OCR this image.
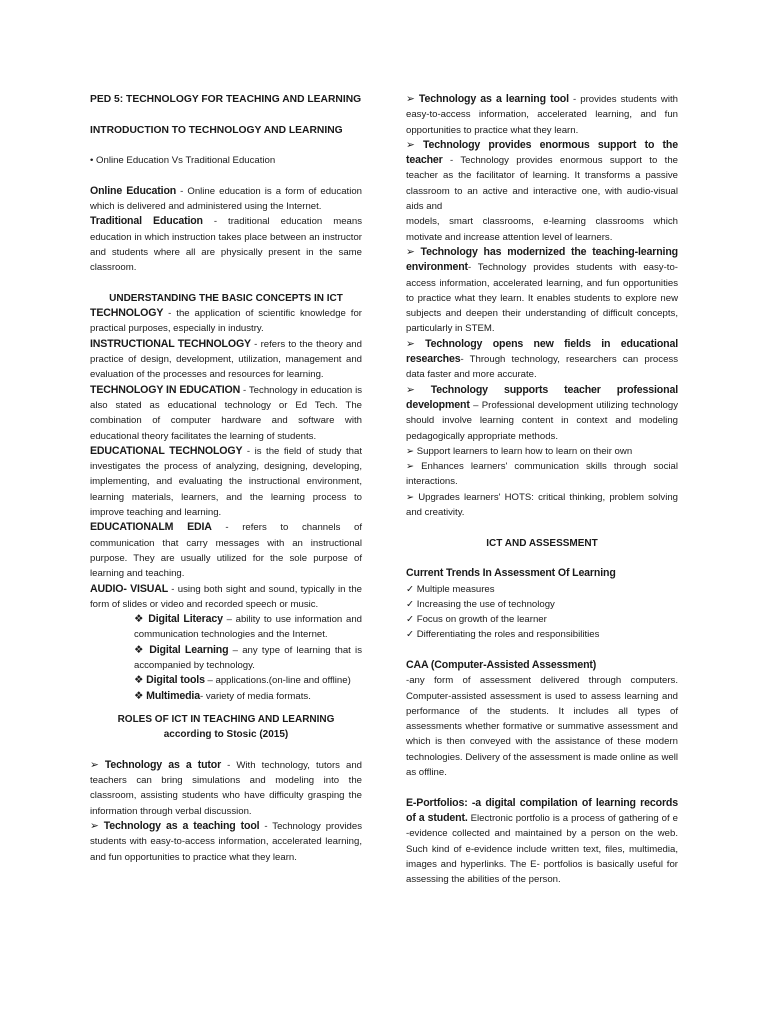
PED 5: TECHNOLOGY FOR TEACHING AND LEARNING

INTRODUCTION TO TECHNOLOGY AND LEARNING

• Online Education Vs Traditional Education

Online Education - Online education is a form of education which is delivered and administered using the Internet.

Traditional Education - traditional education means education in which instruction takes place between an instructor and students where all are physically present in the same classroom.

UNDERSTANDING THE BASIC CONCEPTS IN ICT

TECHNOLOGY - the application of scientific knowledge for practical purposes, especially in industry.

INSTRUCTIONAL TECHNOLOGY - refers to the theory and practice of design, development, utilization, management and evaluation of the processes and resources for learning.

TECHNOLOGY IN EDUCATION - Technology in education is also stated as educational technology or Ed Tech. The combination of computer hardware and software with educational theory facilitates the learning of students.

EDUCATIONAL TECHNOLOGY - is the field of study that investigates the process of analyzing, designing, developing, implementing, and evaluating the instructional environment, learning materials, learners, and the learning process to improve teaching and learning.

EDUCATIONALM EDIA - refers to channels of communication that carry messages with an instructional purpose. They are usually utilized for the sole purpose of learning and teaching.

AUDIO- VISUAL - using both sight and sound, typically in the form of slides or video and recorded speech or music.

❖ Digital Literacy – ability to use information and communication technologies and the Internet.

❖ Digital Learning – any type of learning that is accompanied by technology.

❖ Digital tools – applications.(on-line and offline)

❖ Multimedia- variety of media formats.

ROLES OF ICT IN TEACHING AND LEARNING

according to Stosic (2015)

➢ Technology as a tutor - With technology, tutors and teachers can bring simulations and modeling into the classroom, assisting students who have difficulty grasping the information through verbal discussion.

➢ Technology as a teaching tool - Technology provides students with easy-to-access information, accelerated learning, and fun opportunities to practice what they learn.

➢ Technology as a learning tool - provides students with easy-to-access information, accelerated learning, and fun opportunities to practice what they learn.

➢ Technology provides enormous support to the teacher - Technology provides enormous support to the teacher as the facilitator of learning. It transforms a passive classroom to an active and interactive one, with audio-visual aids and

models, smart classrooms, e-learning classrooms which motivate and increase attention level of learners.

➢ Technology has modernized the teaching-learning environment- Technology provides students with easy-to-access information, accelerated learning, and fun opportunities to practice what they learn. It enables students to explore new subjects and deepen their understanding of difficult concepts, particularly in STEM.

➢ Technology opens new fields in educational researches- Through technology, researchers can process data faster and more accurate.

➢ Technology supports teacher professional development – Professional development utilizing technology should involve learning content in context and modeling pedagogically appropriate methods.

➢ Support learners to learn how to learn on their own

➢ Enhances learners' communication skills through social interactions.

➢ Upgrades learners' HOTS: critical thinking, problem solving and creativity.

ICT AND ASSESSMENT

Current Trends In Assessment Of Learning

✓ Multiple measures

✓ Increasing the use of technology

✓ Focus on growth of the learner

✓ Differentiating the roles and responsibilities

CAA (Computer-Assisted Assessment)

-any form of assessment delivered through computers. Computer-assisted assessment is used to assess learning and performance of the students. It includes all types of assessments whether formative or summative assessment and which is then conveyed with the assistance of these modern technologies. Delivery of the assessment is made online as well as offline.

E-Portfolios: -a digital compilation of learning records of a student. Electronic portfolio is a process of gathering of e -evidence collected and maintained by a person on the web. Such kind of e-evidence include written text, files, multimedia, images and hyperlinks. The E- portfolios is basically useful for assessing the abilities of the person.
